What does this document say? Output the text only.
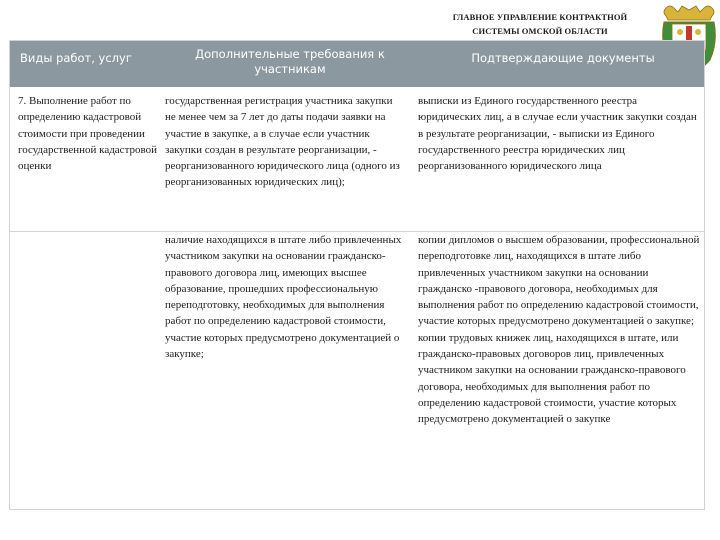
ГЛАВНОЕ УПРАВЛЕНИЕ КОНТРАКТНОЙ
СИСТЕМЫ ОМСКОЙ ОБЛАСТИ
Виды работ, услуг	Дополнительные требования к участникам
Подтверждающие документы
7. Выполнение работ по определению кадастровой стоимости при проведении государственной кадастровой оценки
государственная регистрация участника закупки не менее чем за 7 лет до даты подачи заявки на участие в закупке, а в случае если участник закупки создан в результате реорганизации, - реорганизованного юридического лица (одного из реорганизованных юридических лиц);
выписки из Единого государственного реестра юридических лиц, а в случае если участник закупки создан в результате реорганизации, - выписки из Единого государственного реестра юридических лиц реорганизованного юридического лица
наличие находящихся в штате либо привлеченных участником закупки на основании гражданско-правового договора лиц, имеющих высшее образование, прошедших профессиональную переподготовку, необходимых для выполнения работ по определению кадастровой стоимости, участие которых предусмотрено документацией о закупке;
копии дипломов о высшем образовании, профессиональной переподготовке лиц, находящихся в штате либо привлеченных участником закупки на основании гражданско -правового договора, необходимых для выполнения работ по определению кадастровой стоимости, участие которых предусмотрено документацией о закупке; копии трудовых книжек лиц, находящихся в штате, или гражданско-правовых договоров лиц, привлеченных участником закупки на основании гражданско-правового договора, необходимых для выполнения работ по определению кадастровой стоимости, участие которых предусмотрено документацией о закупке
